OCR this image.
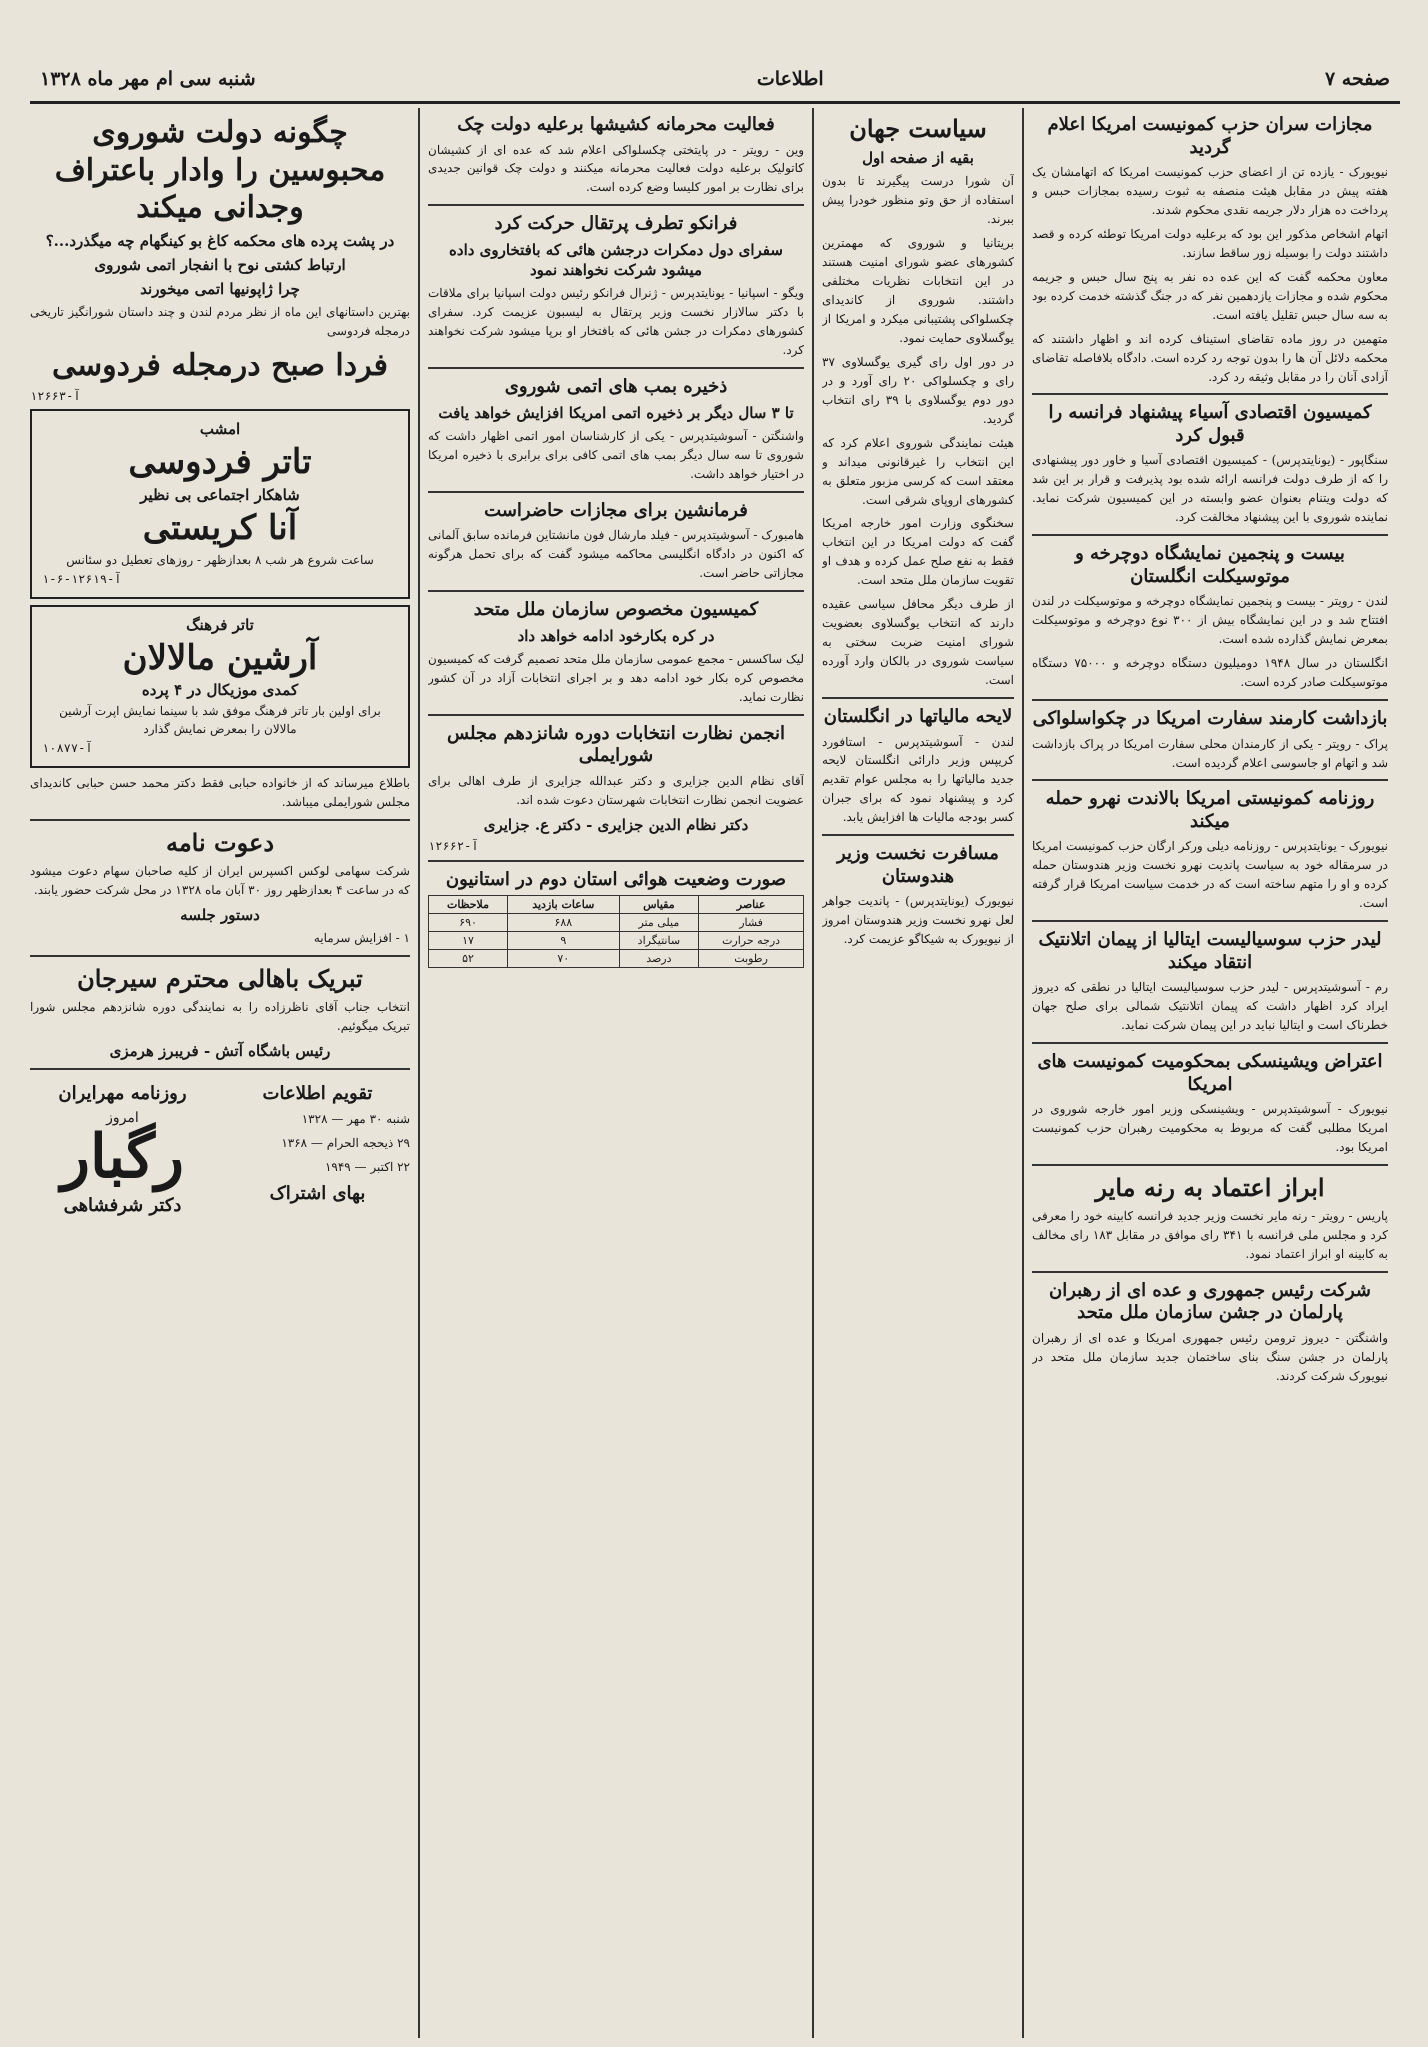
صفحه ۷
اطلاعات
شنبه سی ام مهر ماه ۱۳۲۸
مجازات سران حزب کمونیست امریکا اعلام گردید

نیویورک - یازده تن از اعضای حزب کمونیست امریکا که اتهامشان یک هفته پیش در مقابل هیئت منصفه به ثبوت رسیده بمجازات حبس و پرداخت ده هزار دلار جریمه نقدی محکوم شدند.

اتهام اشخاص مذکور این بود که برعلیه دولت امریکا توطئه کرده و قصد داشتند دولت را بوسیله زور ساقط سازند.

معاون محکمه گفت که این عده ده نفر به پنج سال حبس و جریمه محکوم شده و مجازات یازدهمین نفر که در جنگ گذشته خدمت کرده بود به سه سال حبس تقلیل یافته است.

متهمین در روز ماده تقاضای استیناف کرده اند و اظهار داشتند که محکمه دلائل آن ها را بدون توجه رد کرده است. دادگاه بلافاصله تقاضای آزادی آنان را در مقابل وثیقه رد کرد.

کمیسیون اقتصادی آسیاء پیشنهاد فرانسه را قبول کرد

سنگاپور - (یونایتدپرس) - کمیسیون اقتصادی آسیا و خاور دور پیشنهادی را که از طرف دولت فرانسه ارائه شده بود پذیرفت و قرار بر این شد که دولت ویتنام بعنوان عضو وابسته در این کمیسیون شرکت نماید. نماینده شوروی با این پیشنهاد مخالفت کرد.

بیست و پنجمین نمایشگاه دوچرخه و موتوسیکلت انگلستان

لندن - رویتر - بیست و پنجمین نمایشگاه دوچرخه و موتوسیکلت در لندن افتتاح شد و در این نمایشگاه بیش از ۳۰۰ نوع دوچرخه و موتوسیکلت بمعرض نمایش گذارده شده است.

انگلستان در سال ۱۹۴۸ دومیلیون دستگاه دوچرخه و ۷۵۰۰۰ دستگاه موتوسیکلت صادر کرده است.

بازداشت کارمند سفارت امریکا در چکواسلواکی

پراک - رویتر - یکی از کارمندان محلی سفارت امریکا در پراک بازداشت شد و اتهام او جاسوسی اعلام گردیده است.

روزنامه کمونیستی امریکا بالاندت نهرو حمله میکند

نیویورک - یونایتدپرس - روزنامه دیلی ورکر ارگان حزب کمونیست امریکا در سرمقاله خود به سیاست پاندیت نهرو نخست وزیر هندوستان حمله کرده و او را متهم ساخته است که در خدمت سیاست امریکا قرار گرفته است.

لیدر حزب سوسیالیست ایتالیا از پیمان اتلانتیک انتقاد میکند

رم - آسوشیتدپرس - لیدر حزب سوسیالیست ایتالیا در نطقی که دیروز ایراد کرد اظهار داشت که پیمان اتلانتیک شمالی برای صلح جهان خطرناک است و ایتالیا نباید در این پیمان شرکت نماید.

اعتراض ویشینسکی بمحکومیت کمونیست های امریکا

نیویورک - آسوشیتدپرس - ویشینسکی وزیر امور خارجه شوروی در امریکا مطلبی گفت که مربوط به محکومیت رهبران حزب کمونیست امریکا بود.

ابراز اعتماد به رنه مایر

پاریس - رویتر - رنه مایر نخست وزیر جدید فرانسه کابینه خود را معرفی کرد و مجلس ملی فرانسه با ۳۴۱ رای موافق در مقابل ۱۸۳ رای مخالف به کابینه او ابراز اعتماد نمود.

شرکت رئیس جمهوری و عده ای از رهبران پارلمان در جشن سازمان ملل متحد

واشنگتن - دیروز ترومن رئیس جمهوری امریکا و عده ای از رهبران پارلمان در جشن سنگ بنای ساختمان جدید سازمان ملل متحد در نیویورک شرکت کردند.

سیاست جهان
بقیه از صفحه اول

آن شورا درست پیگیرند تا بدون استفاده از حق وتو منظور خودرا پیش ببرند.

بریتانیا و شوروی که مهمترین کشورهای عضو شورای امنیت هستند در این انتخابات نظریات مختلفی داشتند. شوروی از کاندیدای چکسلواکی پشتیبانی میکرد و امریکا از یوگسلاوی حمایت نمود.

در دور اول رای گیری یوگسلاوی ۳۷ رای و چکسلواکی ۲۰ رای آورد و در دور دوم یوگسلاوی با ۳۹ رای انتخاب گردید.

هیئت نمایندگی شوروی اعلام کرد که این انتخاب را غیرقانونی میداند و معتقد است که کرسی مزبور متعلق به کشورهای اروپای شرقی است.

سخنگوی وزارت امور خارجه امریکا گفت که دولت امریکا در این انتخاب فقط به نفع صلح عمل کرده و هدف او تقویت سازمان ملل متحد است.

از طرف دیگر محافل سیاسی عقیده دارند که انتخاب یوگسلاوی بعضویت شورای امنیت ضربت سختی به سیاست شوروی در بالکان وارد آورده است.

لایحه مالیاتها در انگلستان

لندن - آسوشیتدپرس - استافورد کریپس وزیر دارائی انگلستان لایحه جدید مالیاتها را به مجلس عوام تقدیم کرد و پیشنهاد نمود که برای جبران کسر بودجه مالیات ها افزایش یابد.

مسافرت نخست وزیر هندوستان

نیویورک (یونایتدپرس) - پاندیت جواهر لعل نهرو نخست وزیر هندوستان امروز از نیویورک به شیکاگو عزیمت کرد.

فعالیت محرمانه کشیشها برعلیه دولت چک

وین - رویتر - در پایتختی چکسلواکی اعلام شد که عده ای از کشیشان کاتولیک برعلیه دولت فعالیت محرمانه میکنند و دولت چک قوانین جدیدی برای نظارت بر امور کلیسا وضع کرده است.

فرانکو تطرف پرتقال حرکت کرد
سفرای دول دمکرات درجشن هائی که بافتخاروی داده میشود شرکت نخواهند نمود

ویگو - اسپانیا - یونایتدپرس - ژنرال فرانکو رئیس دولت اسپانیا برای ملاقات با دکتر سالازار نخست وزیر پرتقال به لیسبون عزیمت کرد. سفرای کشورهای دمکرات در جشن هائی که بافتخار او برپا میشود شرکت نخواهند کرد.

ذخیره بمب های اتمی شوروی
تا ۳ سال دیگر بر ذخیره اتمی امریکا افزایش خواهد یافت

واشنگتن - آسوشیتدپرس - یکی از کارشناسان امور اتمی اظهار داشت که شوروی تا سه سال دیگر بمب های اتمی کافی برای برابری با ذخیره امریکا در اختیار خواهد داشت.

فرمانشین برای مجازات حاضراست

هامبورک - آسوشیتدپرس - فیلد مارشال فون مانشتاین فرمانده سابق آلمانی که اکنون در دادگاه انگلیسی محاکمه میشود گفت که برای تحمل هرگونه مجازاتی حاضر است.

کمیسیون مخصوص سازمان ملل متحد
در کره بکارخود ادامه خواهد داد

لیک ساکسس - مجمع عمومی سازمان ملل متحد تصمیم گرفت که کمیسیون مخصوص کره بکار خود ادامه دهد و بر اجرای انتخابات آزاد در آن کشور نظارت نماید.

انجمن نظارت انتخابات دوره شانزدهم مجلس شورایملی

آقای نظام الدین جزایری و دکتر عبدالله جزایری از طرف اهالی برای عضویت انجمن نظارت انتخابات شهرستان دعوت شده اند.

دکتر نظام الدین جزایری - دکتر ع. جزایری
آ-۱۲۶۶۲
صورت وضعیت هوائی استان دوم در استانیون
عناصر	مقیاس	ساعات بازدید	ملاحظات
فشار	میلی متر	۶۸۸	۶۹۰
درجه حرارت	سانتیگراد	۹	۱۷
رطوبت	درصد	۷۰	۵۲
چگونه دولت شوروی محبوسین را وادار باعتراف وجدانی میکند
در پشت پرده های محکمه کاغ بو کینگهام چه میگذرد...؟
ارتباط کشتی نوح با انفجار اتمی شوروی
چرا ژاپونیها اتمی میخورند

بهترین داستانهای این ماه از نظر مردم لندن و چند داستان شورانگیز تاریخی درمجله فردوسی

فردا صبح درمجله فردوسی
آ-۱۲۶۶۳
امشب
تاتر فردوسی
شاهکار اجتماعی بی نظیر
آنا کریستی
ساعت شروع هر شب ۸ بعدازظهر - روزهای تعطیل دو سئانس
آ-۱۲۶۱۹-۶-۱
تاتر فرهنگ
آرشین مالالان
کمدی موزیکال در ۴ پرده
برای اولین بار تاتر فرهنگ موفق شد با سینما نمایش اپرت آرشین مالالان را بمعرض نمایش گذارد
آ-۱۰۸۷۷

باطلاع میرساند که از خانواده حبابی فقط دکتر محمد حسن حبابی کاندیدای مجلس شورایملی میباشد.

دعوت نامه

شرکت سهامی لوکس اکسپرس ایران از کلیه صاحبان سهام دعوت میشود که در ساعت ۴ بعدازظهر روز ۳۰ آبان ماه ۱۳۲۸ در محل شرکت حضور یابند.

دستور جلسه

۱ - افزایش سرمایه

تبریک باهالی محترم سیرجان

انتخاب جناب آقای ناظرزاده را به نمایندگی دوره شانزدهم مجلس شورا تبریک میگوئیم.

رئیس باشگاه آتش - فریبرز هرمزی
تقویم اطلاعات
شنبه ۳۰ مهر — ۱۳۲۸
۲۹ ذیحجه الحرام — ۱۳۶۸
۲۲ اکتبر — ۱۹۴۹
بهای اشتراک
روزنامه مهرایران
امروز
رگبار
دکتر شرفشاهی
